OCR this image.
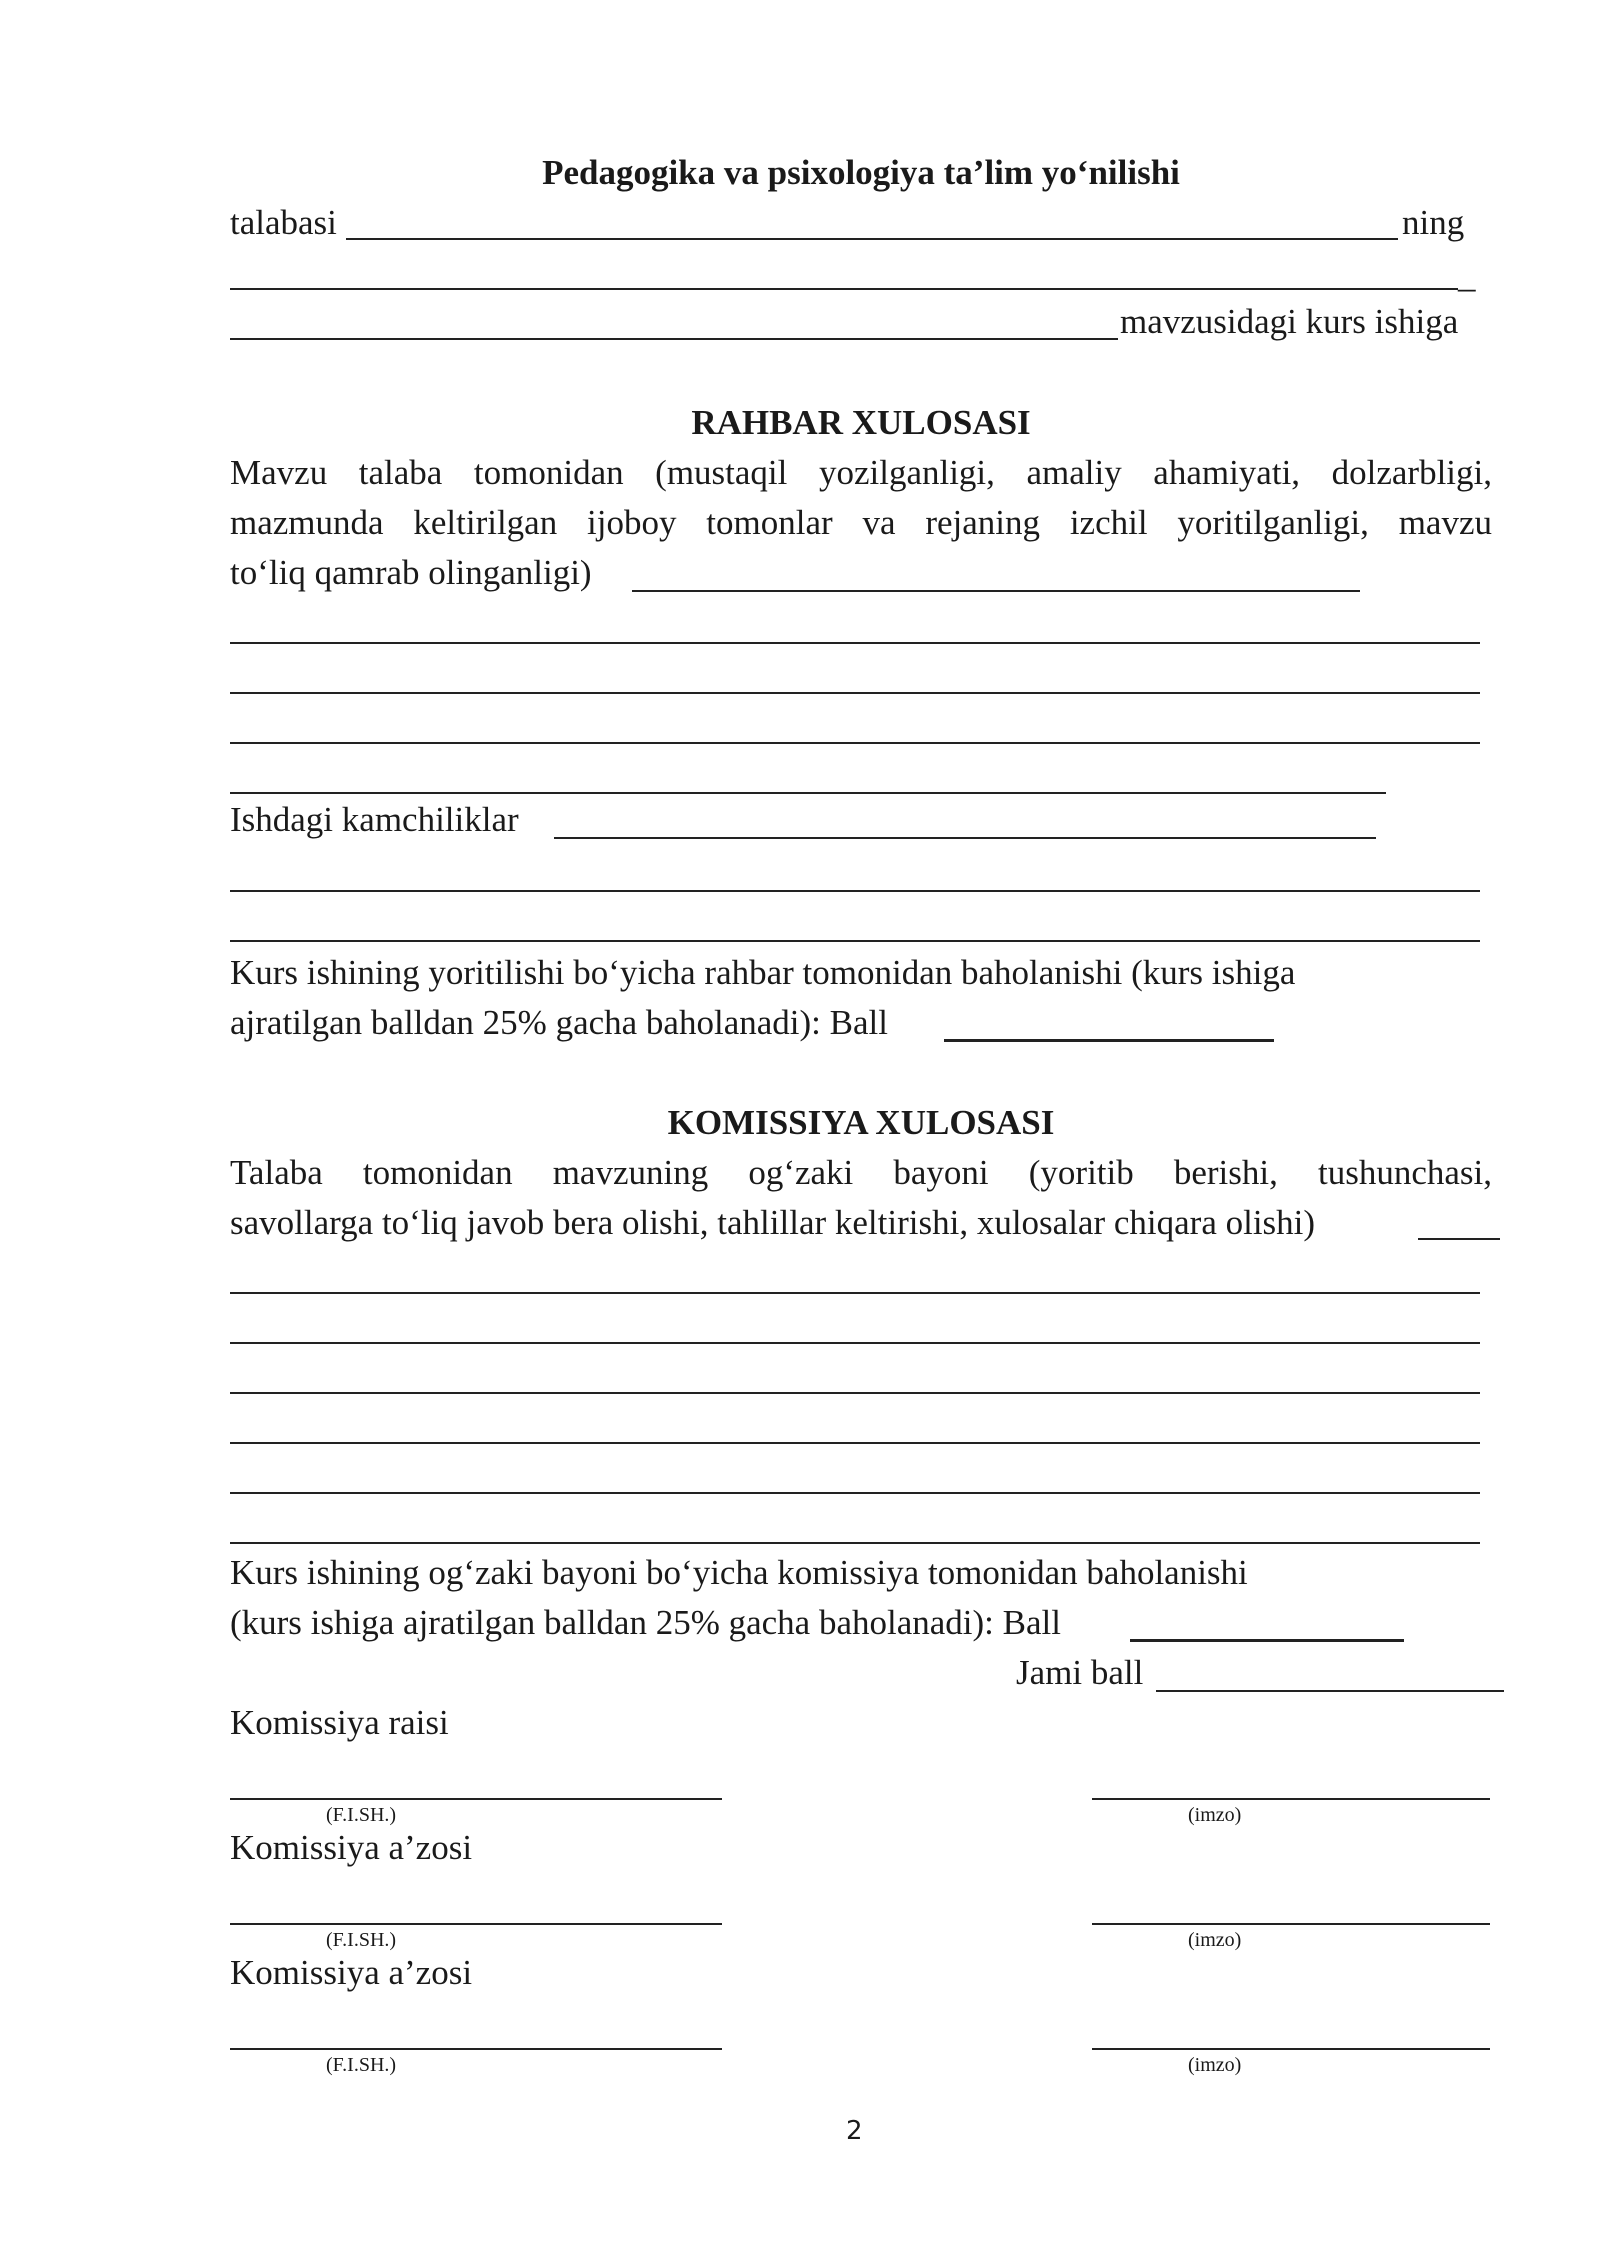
Pedagogika va psixologiya ta’lim yo‘nilishi
talabasi	ning
_
mavzusidagi kurs ishiga
RAHBAR XULOSASI
Mavzu talaba tomonidan (mustaqil yozilganligi, amaliy ahamiyati, dolzarbligi,
mazmunda keltirilgan ijoboy tomonlar va rejaning izchil yoritilganligi, mavzu
to‘liq qamrab olinganligi)
Ishdagi kamchiliklar
Kurs ishining yoritilishi bo‘yicha rahbar tomonidan baholanishi (kurs ishiga
ajratilgan balldan 25% gacha baholanadi): Ball
KOMISSIYA XULOSASI
Talaba tomonidan mavzuning og‘zaki bayoni (yoritib berishi, tushunchasi,
savollarga to‘liq javob bera olishi, tahlillar keltirishi, xulosalar chiqara olishi)
Kurs ishining og‘zaki bayoni bo‘yicha komissiya tomonidan baholanishi
(kurs ishiga ajratilgan balldan 25% gacha baholanadi): Ball
Jami ball
Komissiya raisi
(F.I.SH.)	(imzo)
Komissiya a’zosi
(F.I.SH.)	(imzo)
Komissiya a’zosi
(F.I.SH.)	(imzo)
2
